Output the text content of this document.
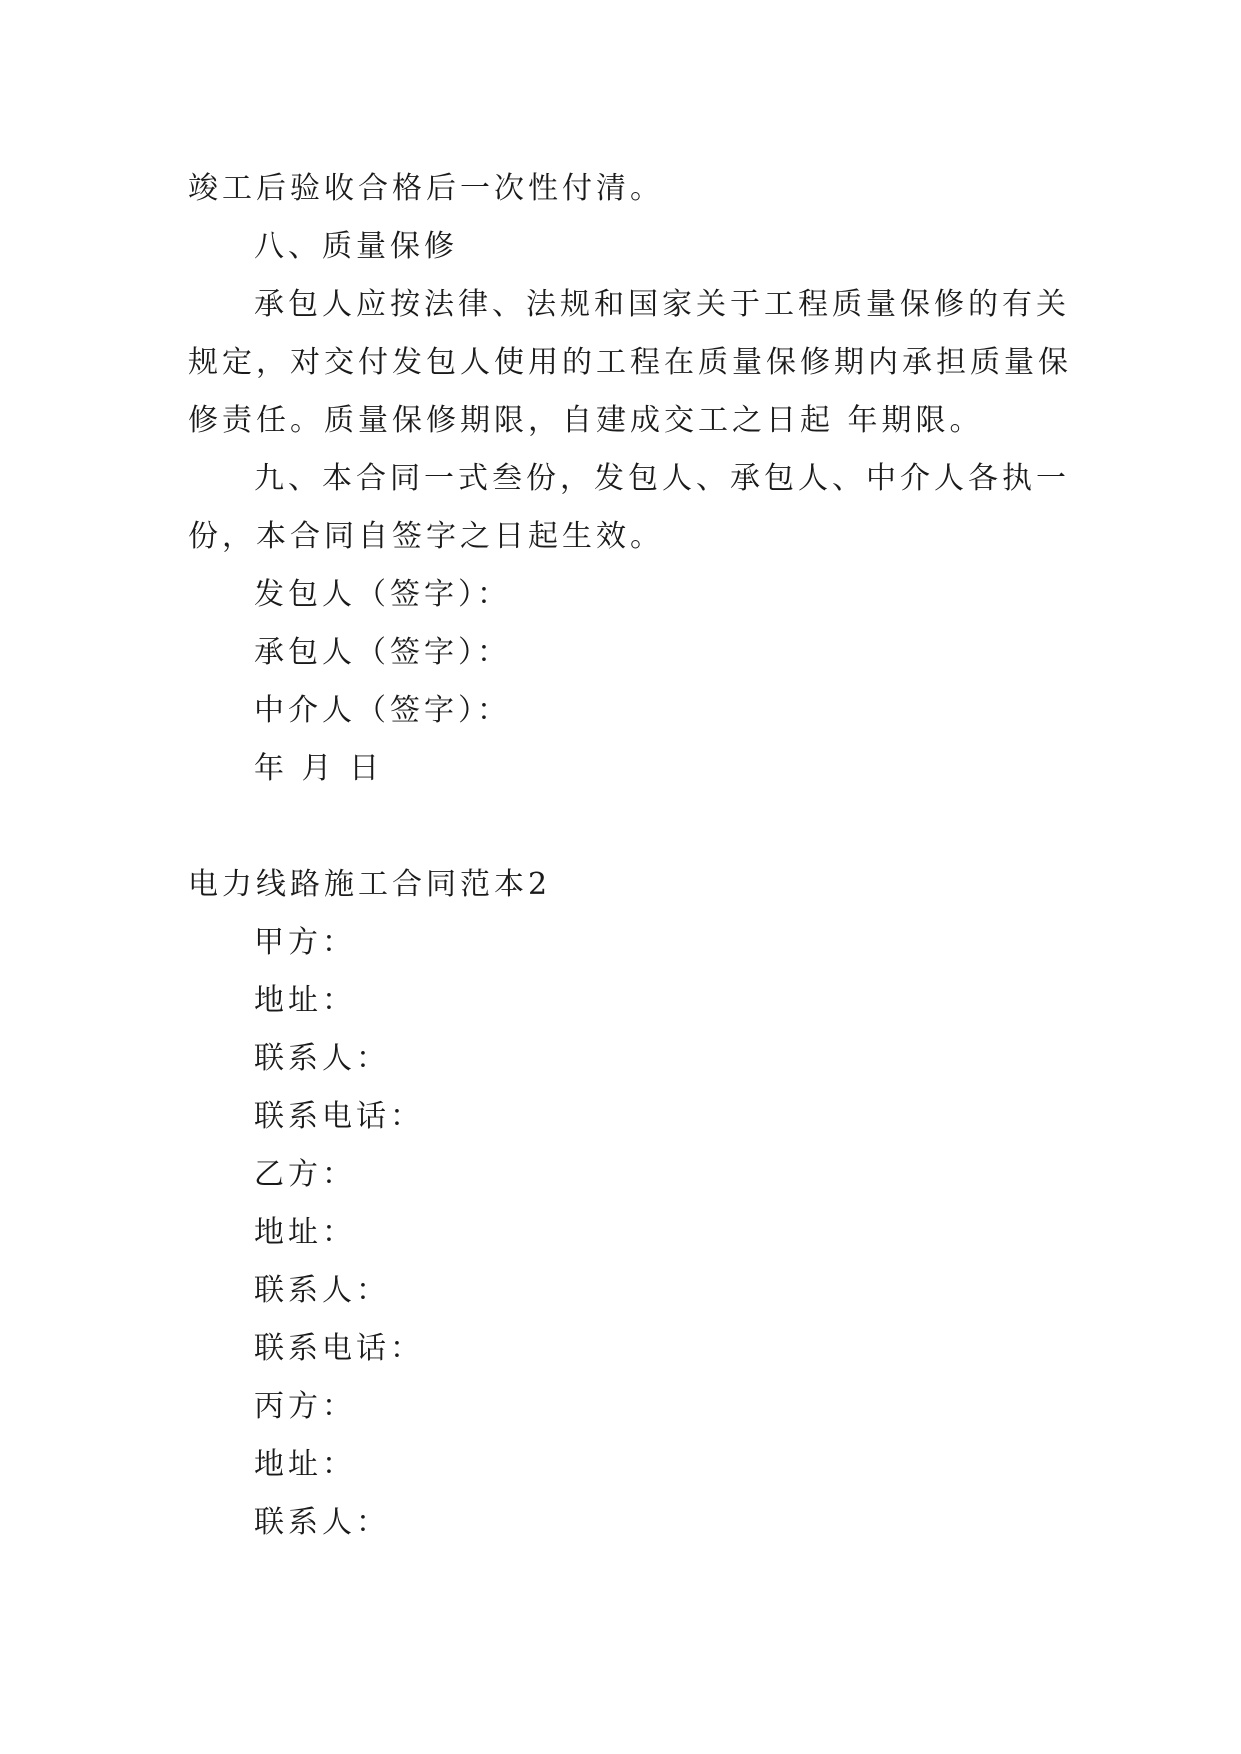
竣工后验收合格后一次性付清。
八、质量保修
承包人应按法律、法规和国家关于工程质量保修的有关
规定，对交付发包人使用的工程在质量保修期内承担质量保
修责任。质量保修期限，自建成交工之日起 年期限。
九、本合同一式叁份，发包人、承包人、中介人各执一
份，本合同自签字之日起生效。
发包人（签字）：
承包人（签字）：
中介人（签字）：
年 月 日
电力线路施工合同范本2
甲方：
地址：
联系人：
联系电话：
乙方：
地址：
联系人：
联系电话：
丙方：
地址：
联系人：
